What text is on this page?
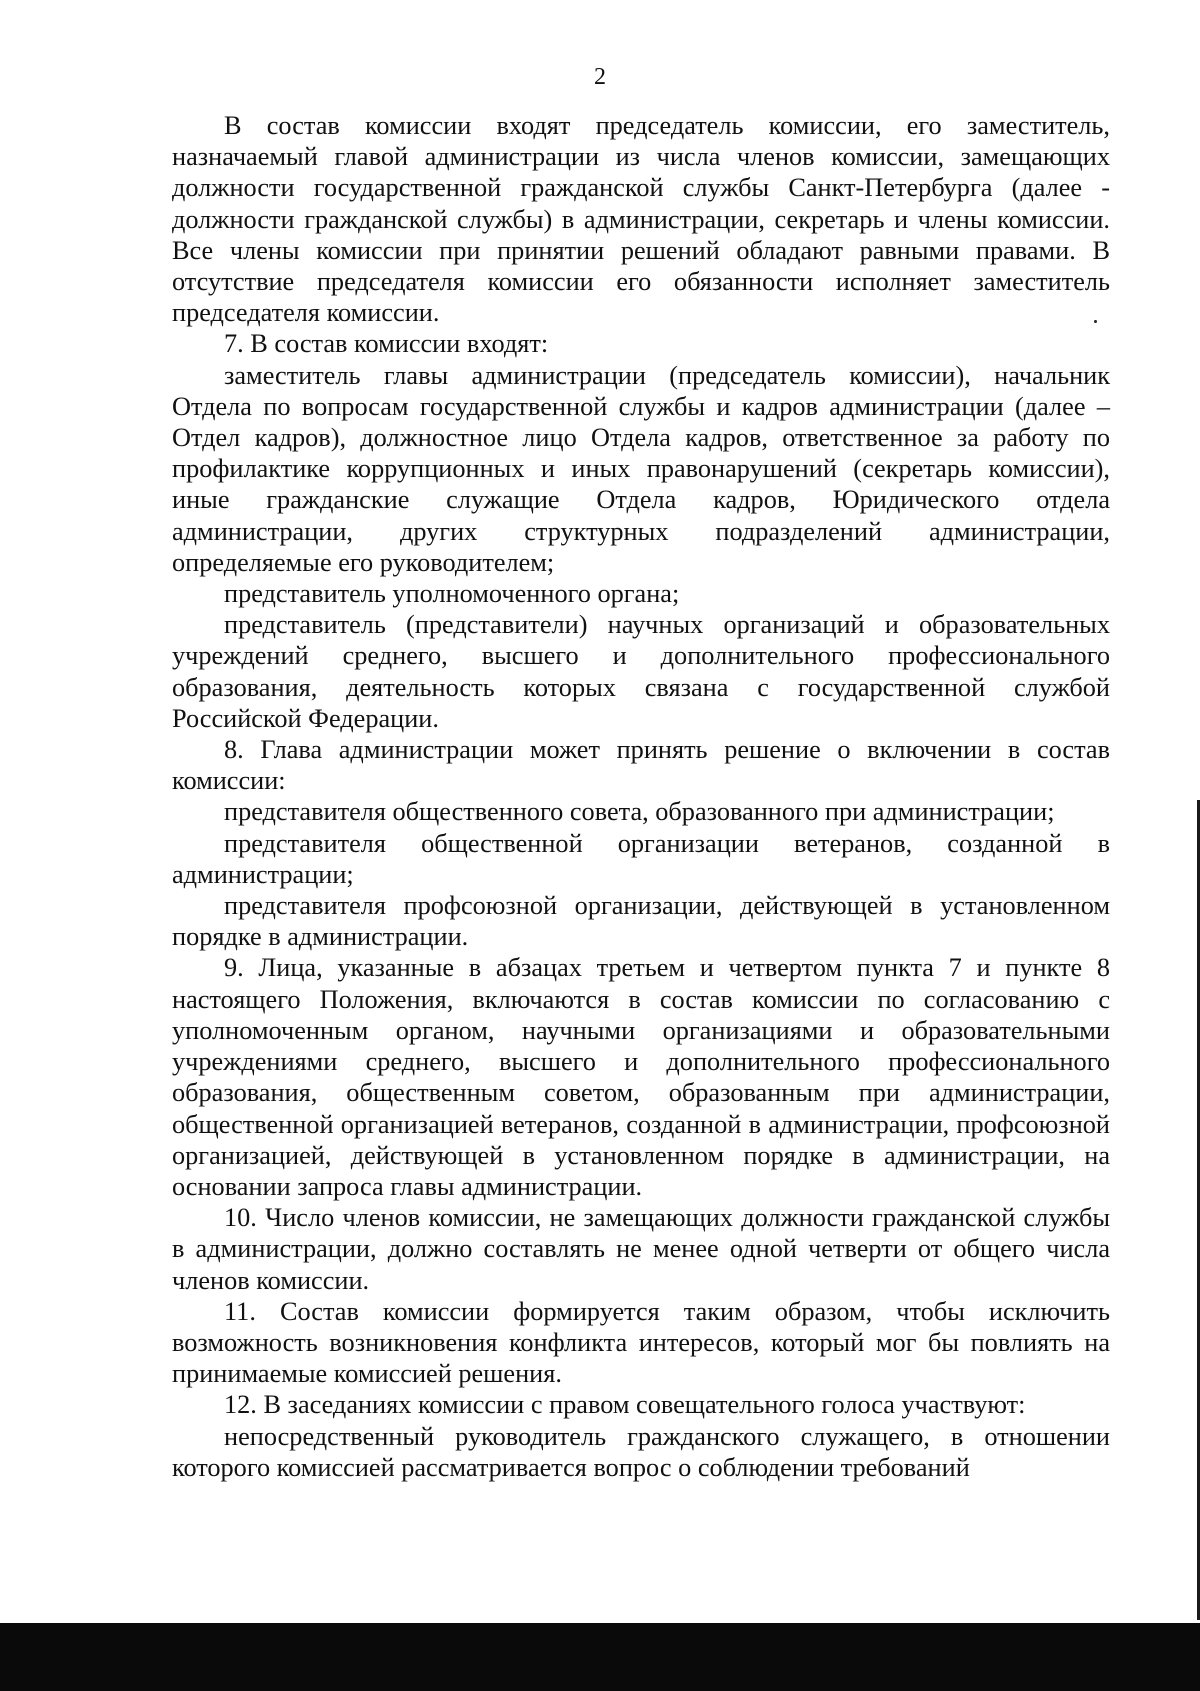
2

В состав комиссии входят председатель комиссии, его заместитель, назначаемый главой администрации из числа членов комиссии, замещающих должности государственной гражданской службы Санкт-Петербурга (далее - должности гражданской службы) в администрации, секретарь и члены комиссии. Все члены комиссии при принятии решений обладают равными правами. В отсутствие председателя комиссии его обязанности исполняет заместитель председателя комиссии.

7. В состав комиссии входят:

заместитель главы администрации (председатель комиссии), начальник Отдела по вопросам государственной службы и кадров администрации (далее – Отдел кадров), должностное лицо Отдела кадров, ответственное за работу по профилактике коррупционных и иных правонарушений (секретарь комиссии), иные гражданские служащие Отдела кадров, Юридического отдела администрации, других структурных подразделений администрации, определяемые его руководителем;

представитель уполномоченного органа;

представитель (представители) научных организаций и образовательных учреждений среднего, высшего и дополнительного профессионального образования, деятельность которых связана с государственной службой Российской Федерации.

8. Глава администрации может принять решение о включении в состав комиссии:

представителя общественного совета, образованного при администрации;

представителя общественной организации ветеранов, созданной в администрации;

представителя профсоюзной организации, действующей в установленном порядке в администрации.

9. Лица, указанные в абзацах третьем и четвертом пункта 7 и пункте 8 настоящего Положения, включаются в состав комиссии по согласованию с уполномоченным органом, научными организациями и образовательными учреждениями среднего, высшего и дополнительного профессионального образования, общественным советом, образованным при администрации, общественной организацией ветеранов, созданной в администрации, профсоюзной организацией, действующей в установленном порядке в администрации, на основании запроса главы администрации.

10. Число членов комиссии, не замещающих должности гражданской службы в администрации, должно составлять не менее одной четверти от общего числа членов комиссии.

11. Состав комиссии формируется таким образом, чтобы исключить возможность возникновения конфликта интересов, который мог бы повлиять на принимаемые комиссией решения.

12. В заседаниях комиссии с правом совещательного голоса участвуют:

непосредственный руководитель гражданского служащего, в отношении которого комиссией рассматривается вопрос о соблюдении требований
